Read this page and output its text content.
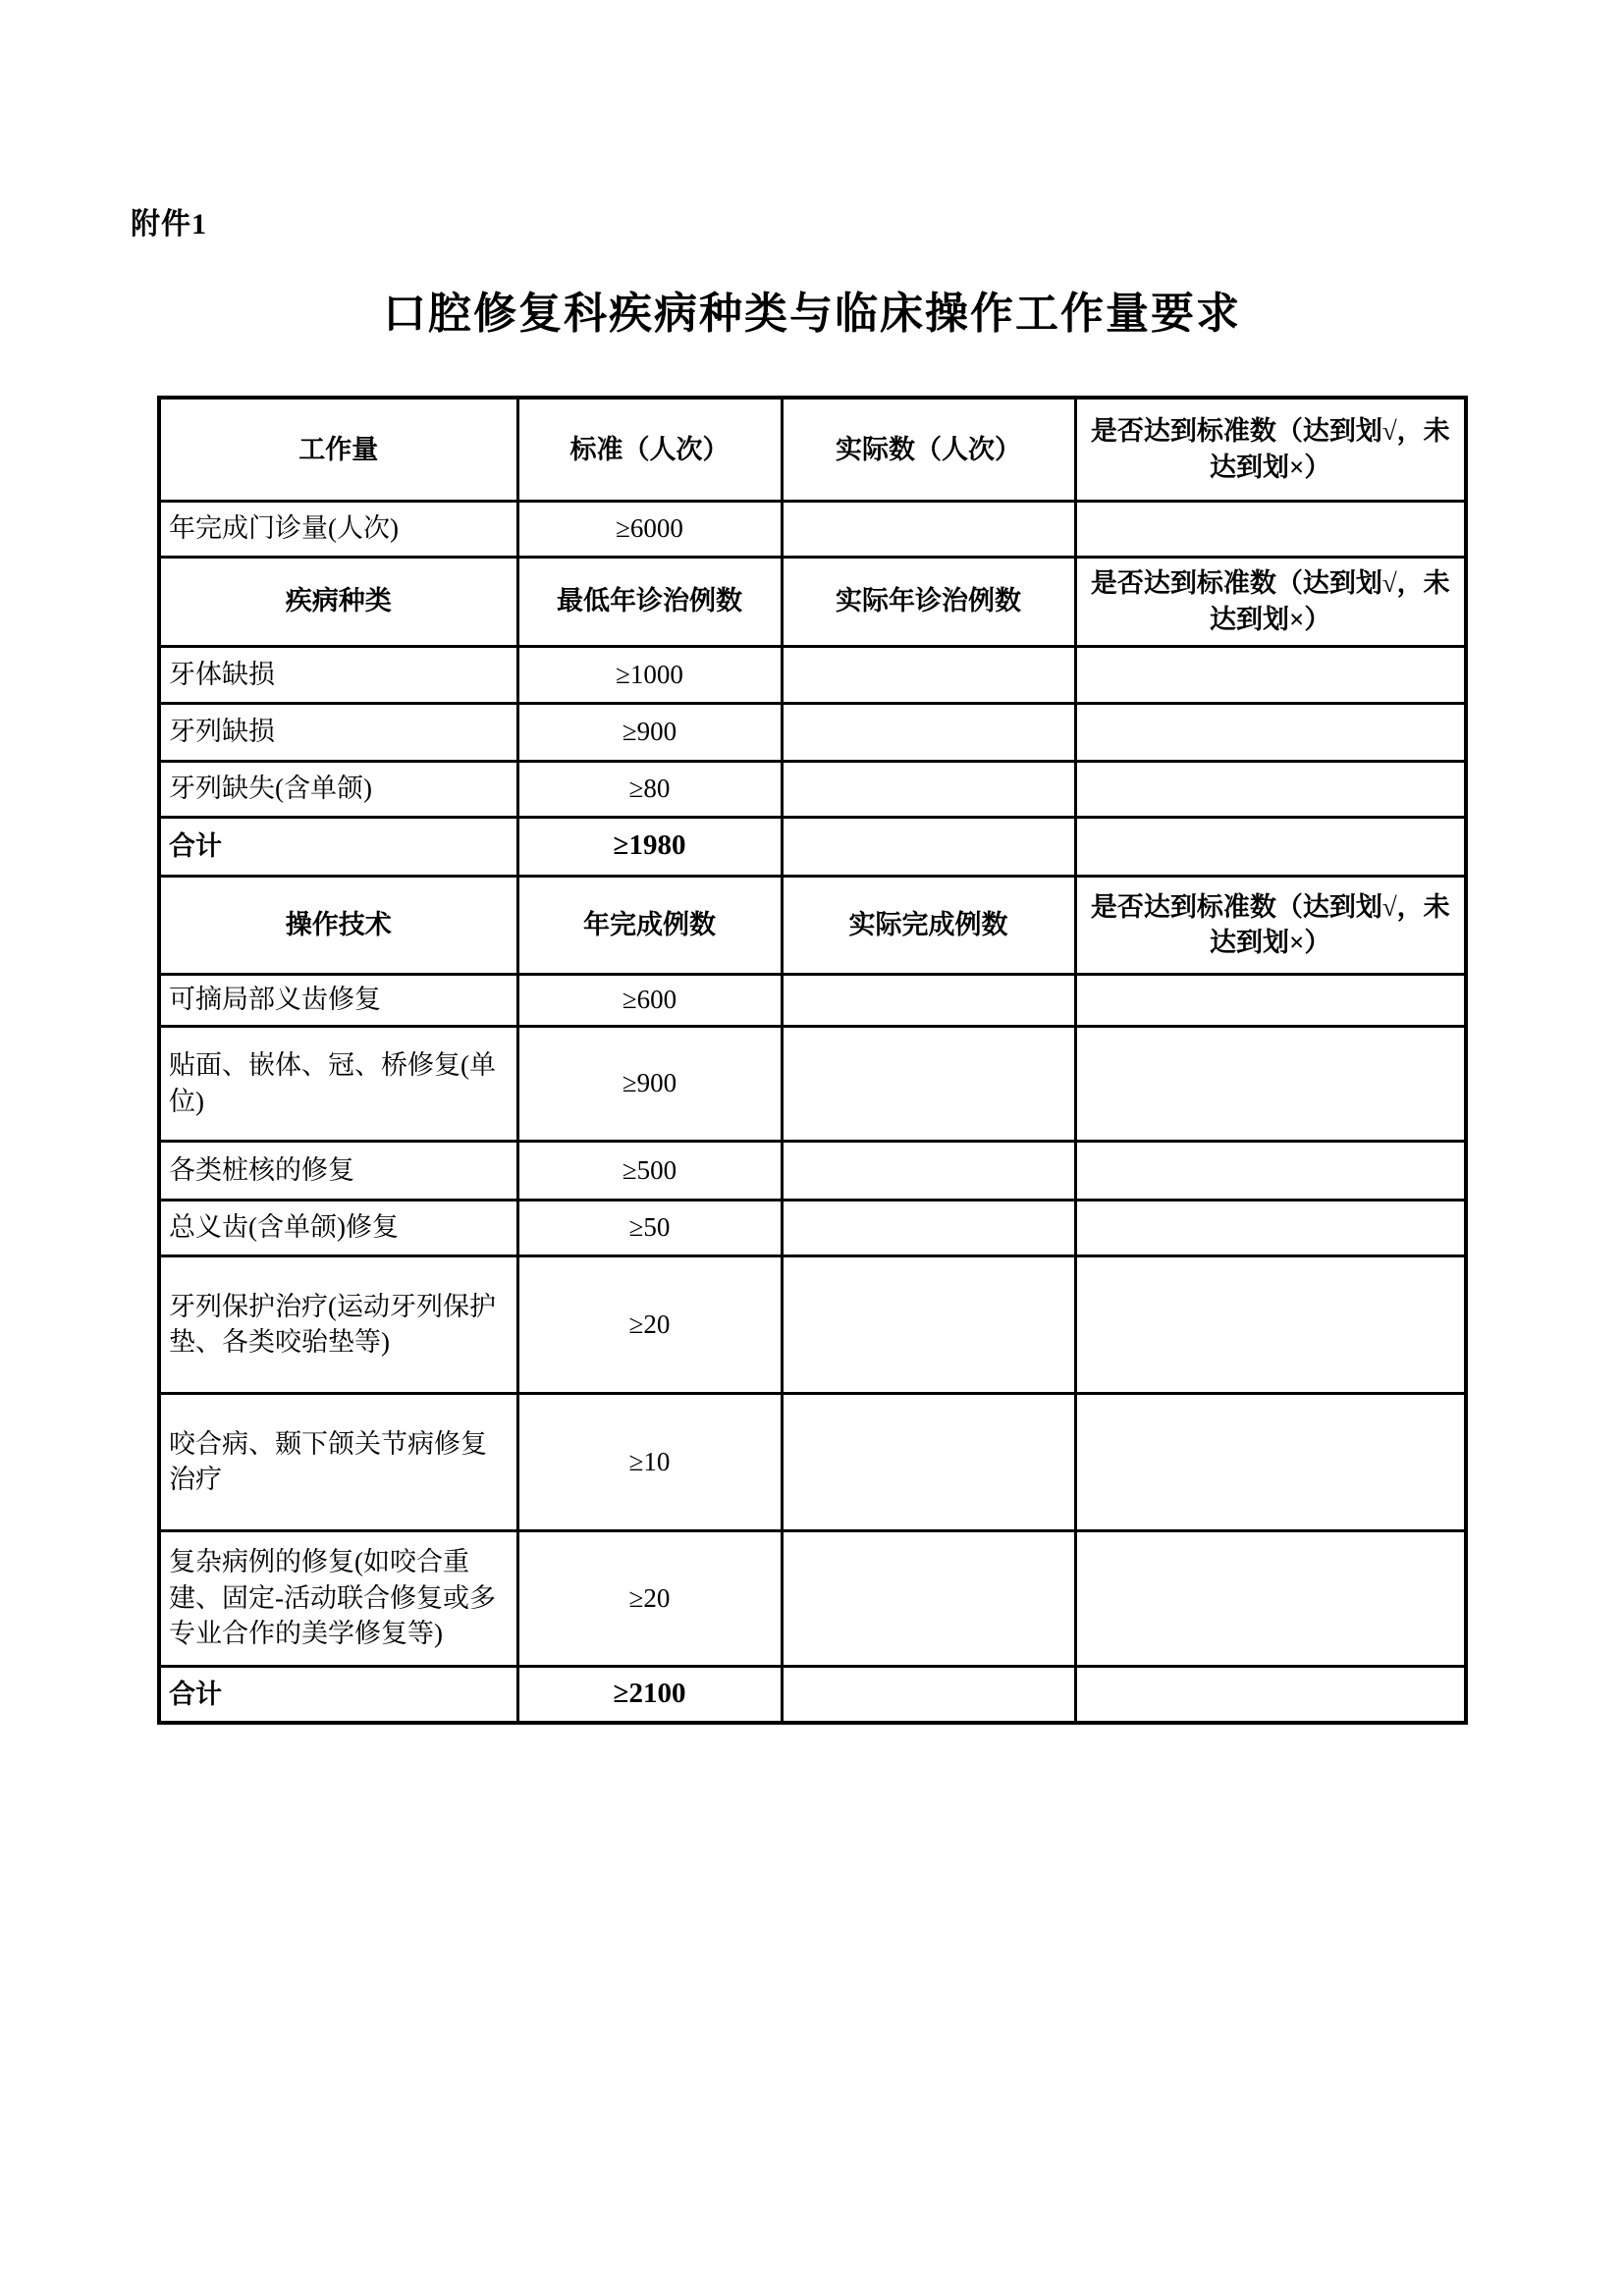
附件1
口腔修复科疾病种类与临床操作工作量要求
工作量	标准（人次）	实际数（人次）	是否达到标准数（达到划√，未达到划×）
年完成门诊量(人次)	≥6000		
疾病种类	最低年诊治例数	实际年诊治例数	是否达到标准数（达到划√，未达到划×）
牙体缺损	≥1000		
牙列缺损	≥900		
牙列缺失(含单颌)	≥80		
合计	≥1980		
操作技术	年完成例数	实际完成例数	是否达到标准数（达到划√，未达到划×）
可摘局部义齿修复	≥600		
贴面、嵌体、冠、桥修复(单位)	≥900		
各类桩核的修复	≥500		
总义齿(含单颌)修复	≥50		
牙列保护治疗(运动牙列保护垫、各类咬骀垫等)	≥20		
咬合病、颞下颌关节病修复治疗	≥10		
复杂病例的修复(如咬合重建、固定-活动联合修复或多专业合作的美学修复等)	≥20		
合计	≥2100		
